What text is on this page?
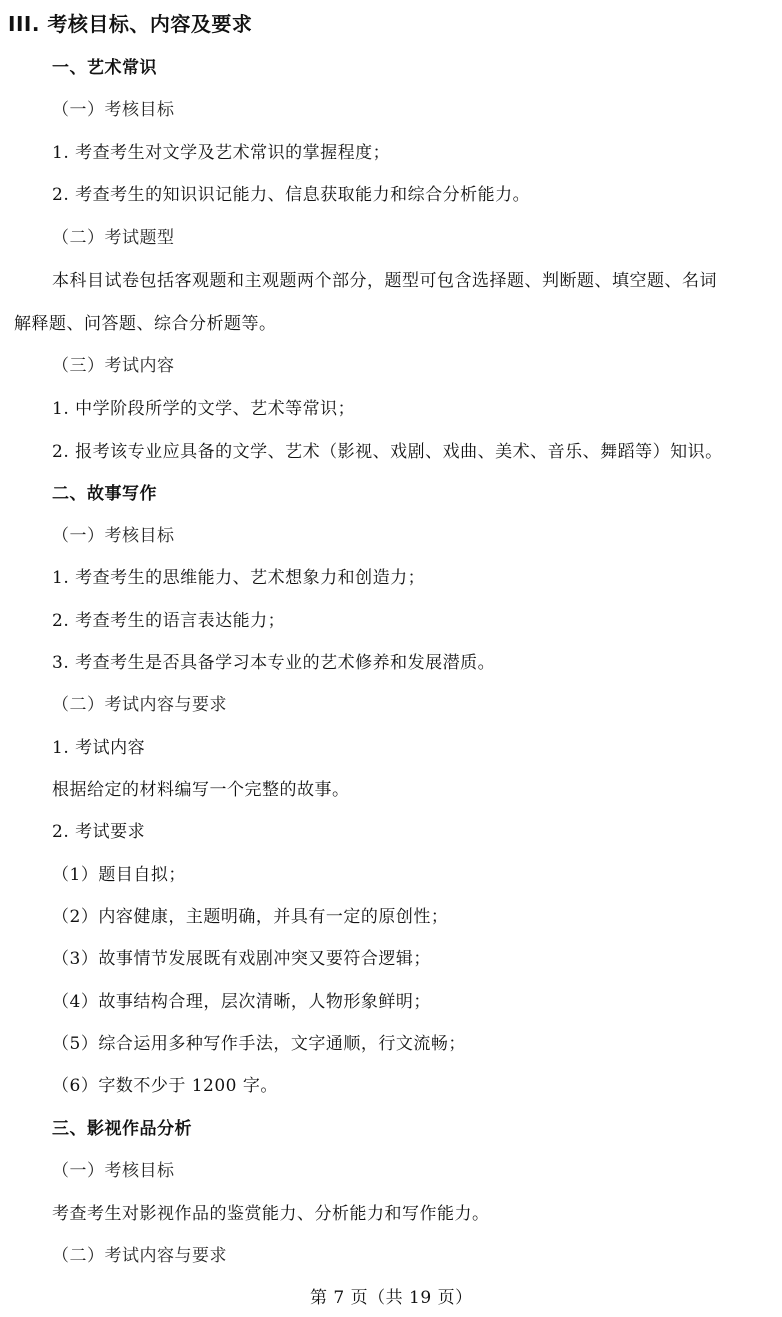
III. 考核目标、内容及要求
一、艺术常识
（一）考核目标
1. 考查考生对文学及艺术常识的掌握程度；
2. 考查考生的知识识记能力、信息获取能力和综合分析能力。
（二）考试题型
本科目试卷包括客观题和主观题两个部分，题型可包含选择题、判断题、填空题、名词
解释题、问答题、综合分析题等。
（三）考试内容
1. 中学阶段所学的文学、艺术等常识；
2. 报考该专业应具备的文学、艺术（影视、戏剧、戏曲、美术、音乐、舞蹈等）知识。
二、故事写作
（一）考核目标
1. 考查考生的思维能力、艺术想象力和创造力；
2. 考查考生的语言表达能力；
3. 考查考生是否具备学习本专业的艺术修养和发展潜质。
（二）考试内容与要求
1. 考试内容
根据给定的材料编写一个完整的故事。
2. 考试要求
（1）题目自拟；
（2）内容健康，主题明确，并具有一定的原创性；
（3）故事情节发展既有戏剧冲突又要符合逻辑；
（4）故事结构合理，层次清晰，人物形象鲜明；
（5）综合运用多种写作手法，文字通顺，行文流畅；
（6）字数不少于 1200 字。
三、影视作品分析
（一）考核目标
考查考生对影视作品的鉴赏能力、分析能力和写作能力。
（二）考试内容与要求
第 7 页（共 19 页）
